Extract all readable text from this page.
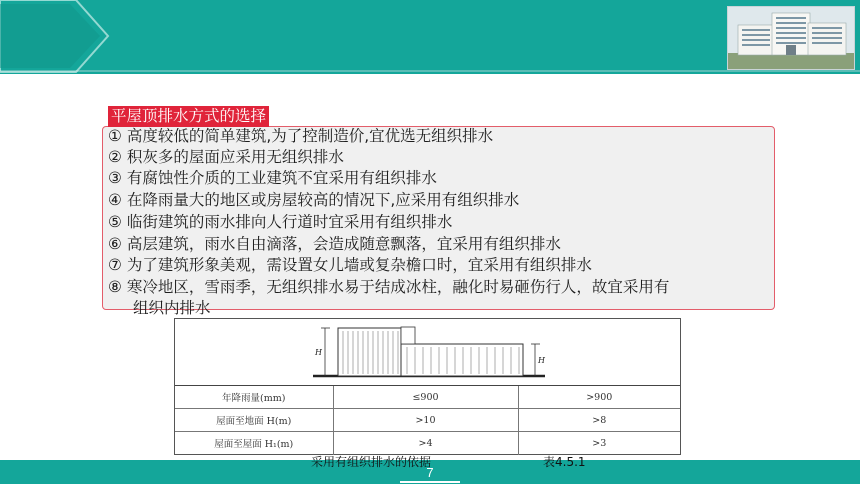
平屋顶排水方式的选择
① 高度较低的简单建筑,为了控制造价,宜优选无组织排水
② 积灰多的屋面应采用无组织排水
③ 有腐蚀性介质的工业建筑不宜采用有组织排水
④ 在降雨量大的地区或房屋较高的情况下,应采用有组织排水
⑤ 临街建筑的雨水排向人行道时宜采用有组织排水
⑥ 高层建筑，雨水自由滴落，会造成随意飘落，宜采用有组织排水
⑦ 为了建筑形象美观，需设置女儿墙或复杂檐口时，宜采用有组织排水
⑧ 寒冷地区，雪雨季，无组织排水易于结成冰柱，融化时易砸伤行人，故宜采用有
组织内排水
H
H
年降雨量(mm)	≤900	>900
屋面至地面 H(m)	>10	>8
屋面至屋面 H₁(m)	>4	>3
采用有组织排水的依据	表4.5.1
7
